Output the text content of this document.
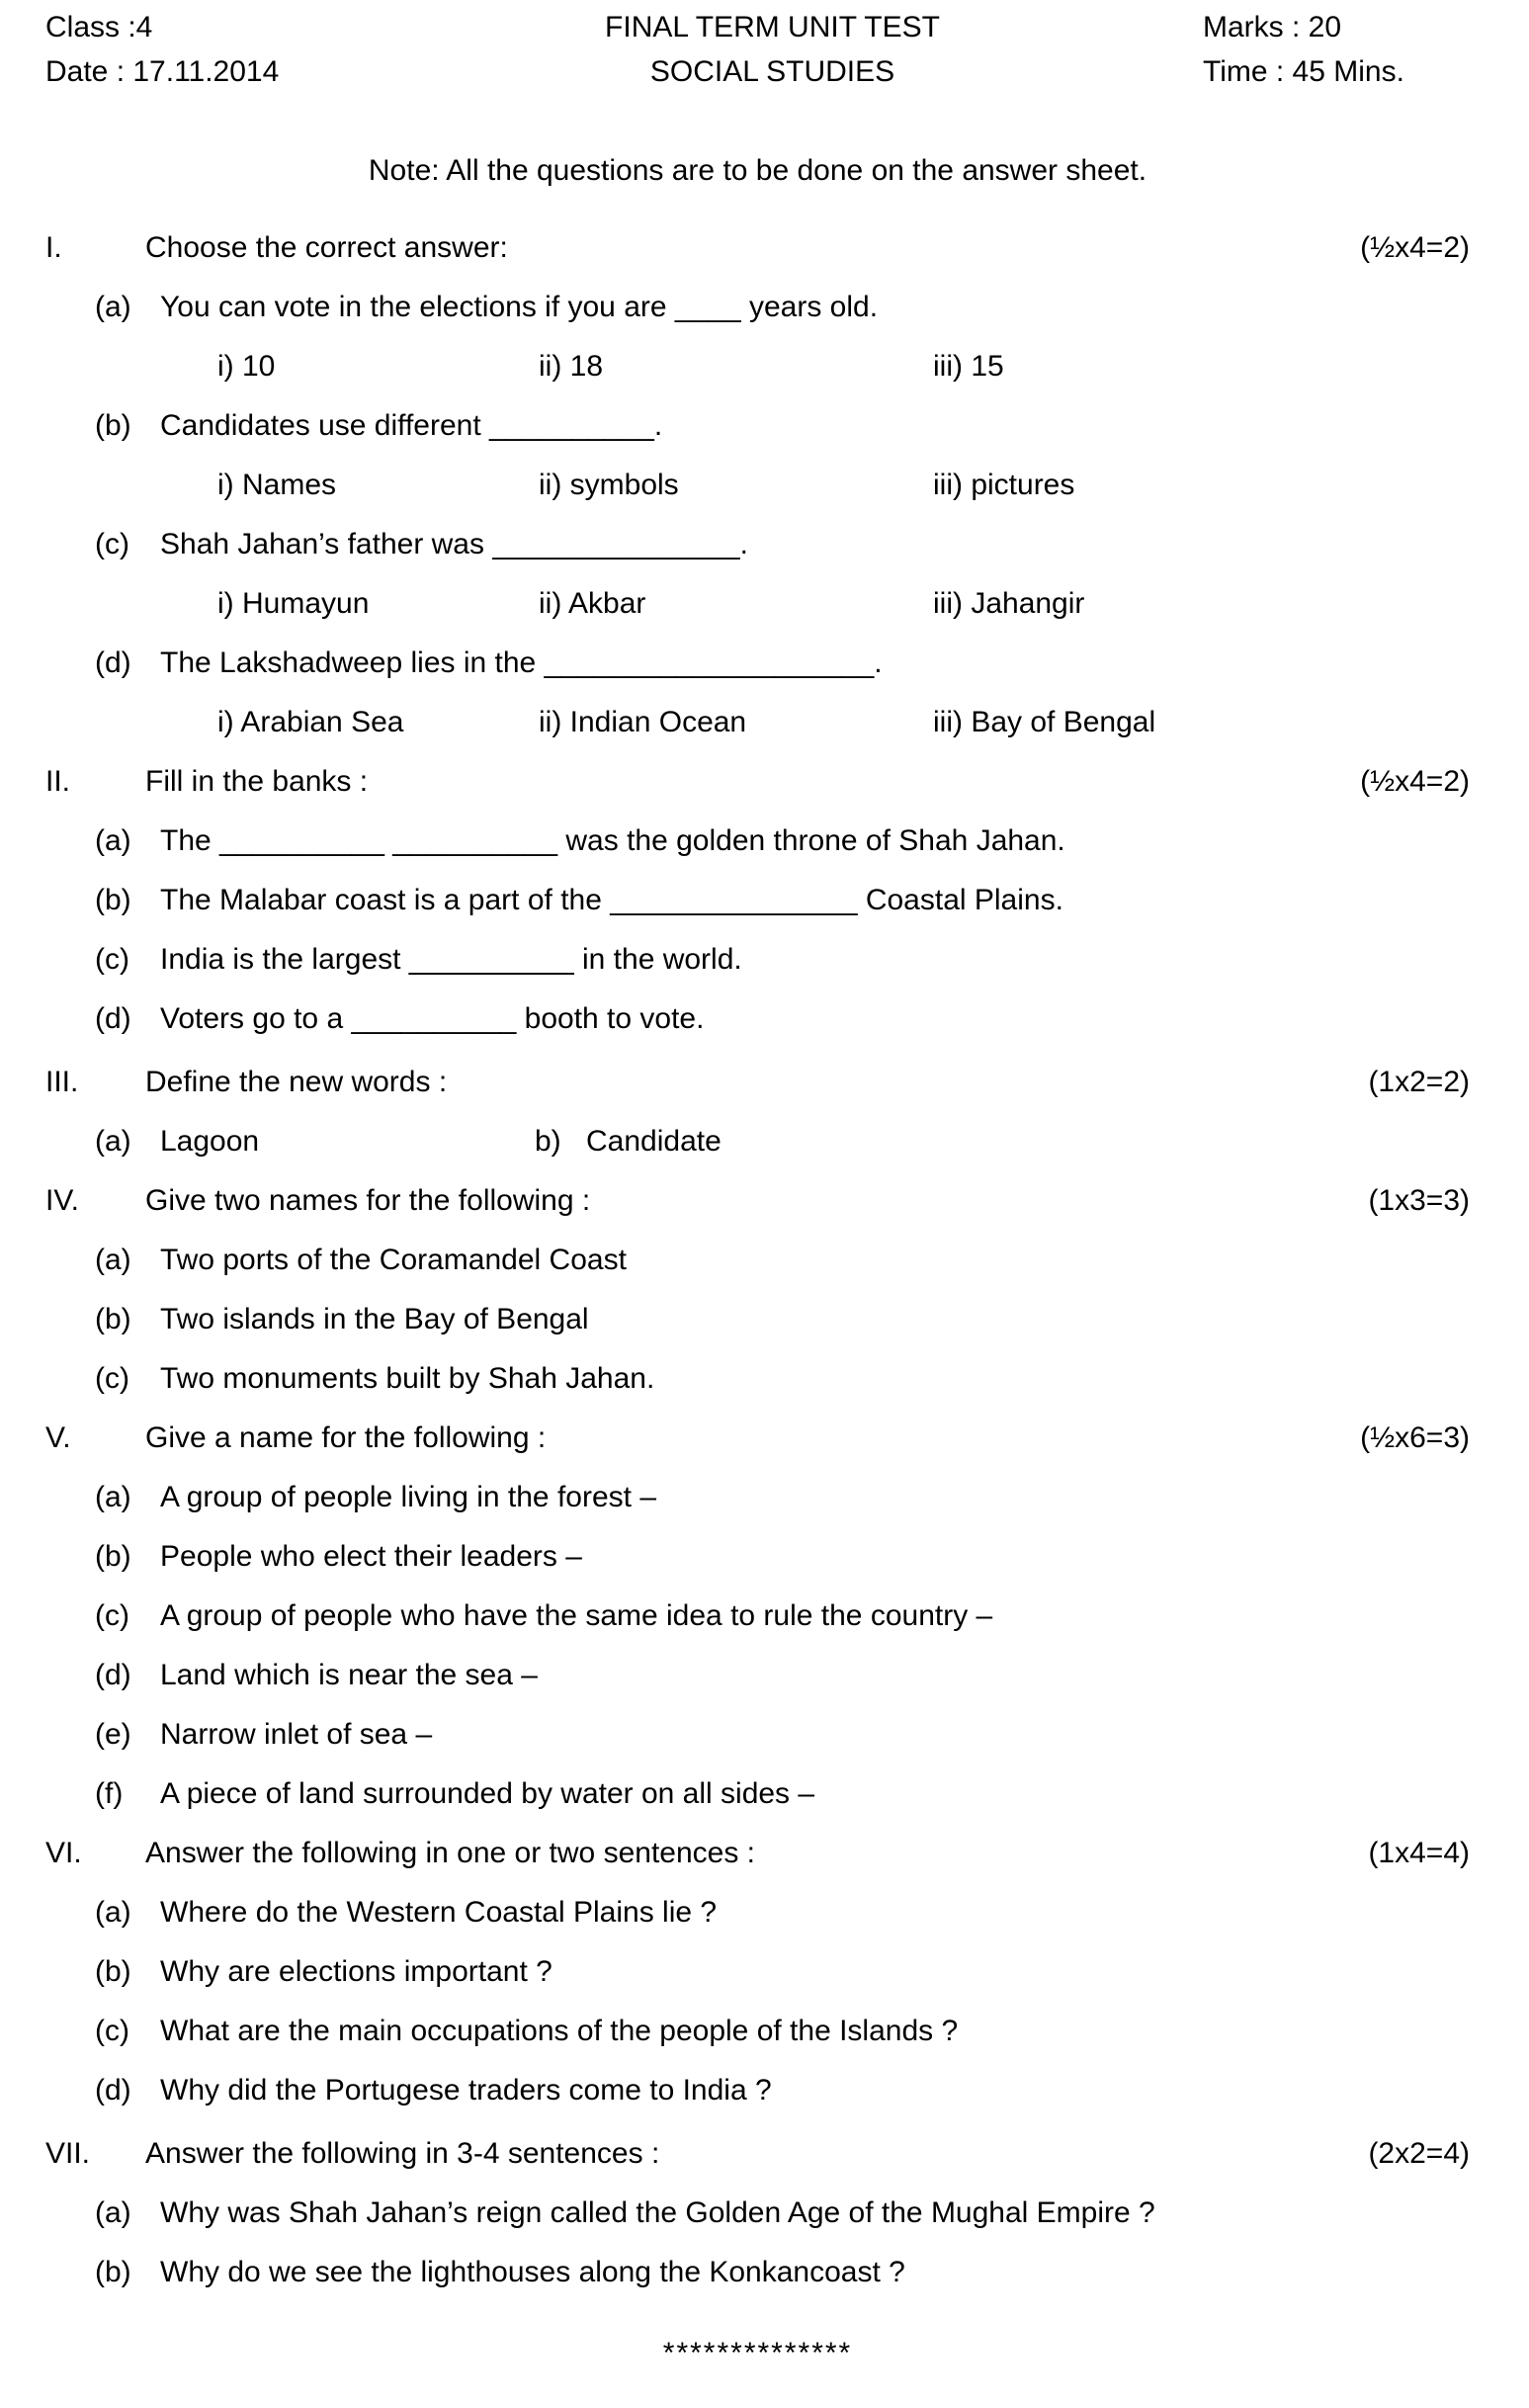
Class :4
Date : 17.11.2014
FINAL TERM UNIT TEST
SOCIAL STUDIES
Marks : 20
Time : 45 Mins.
Note: All the questions are to be done on the answer sheet.
I.	Choose the correct answer:	(½x4=2)
(a) You can vote in the elections if you are ____ years old.
i) 10	ii) 18	iii) 15
(b) Candidates use different __________.
i) Names	ii) symbols	iii) pictures
(c)	Shah Jahan’s father was _______________.
i) Humayun	ii) Akbar	iii) Jahangir
(d) The Lakshadweep lies in the ____________________.
i) Arabian Sea	ii) Indian Ocean	iii) Bay of Bengal
II.	Fill in the banks :	(½x4=2)
(a) The __________ __________ was the golden throne of Shah Jahan.
(b) The Malabar coast is a part of the _______________ Coastal Plains.
(c)	India is the largest __________ in the world.
(d) Voters go to a __________ booth to vote.
III.	Define the new words :	(1x2=2)
(a) Lagoon	b) Candidate
IV.	Give two names for the following :	(1x3=3)
(a) Two ports of the Coramandel Coast
(b) Two islands in the Bay of Bengal
(c)	Two monuments built by Shah Jahan.
V.	Give a name for the following :	(½x6=3)
(a) A group of people living in the forest –
(b) People who elect their leaders –
(c)	A group of people who have the same idea to rule the country –
(d) Land which is near the sea –
(e) Narrow inlet of sea –
(f)	A piece of land surrounded by water on all sides –
VI.	Answer the following in one or two sentences :	(1x4=4)
(a) Where do the Western Coastal Plains lie ?
(b) Why are elections important ?
(c)	What are the main occupations of the people of the Islands ?
(d) Why did the Portugese traders come to India ?
VII.	Answer the following in 3-4 sentences :	(2x2=4)
(a) Why was Shah Jahan’s reign called the Golden Age of the Mughal Empire ?
(b) Why do we see the lighthouses along the Konkancoast ?
**************
